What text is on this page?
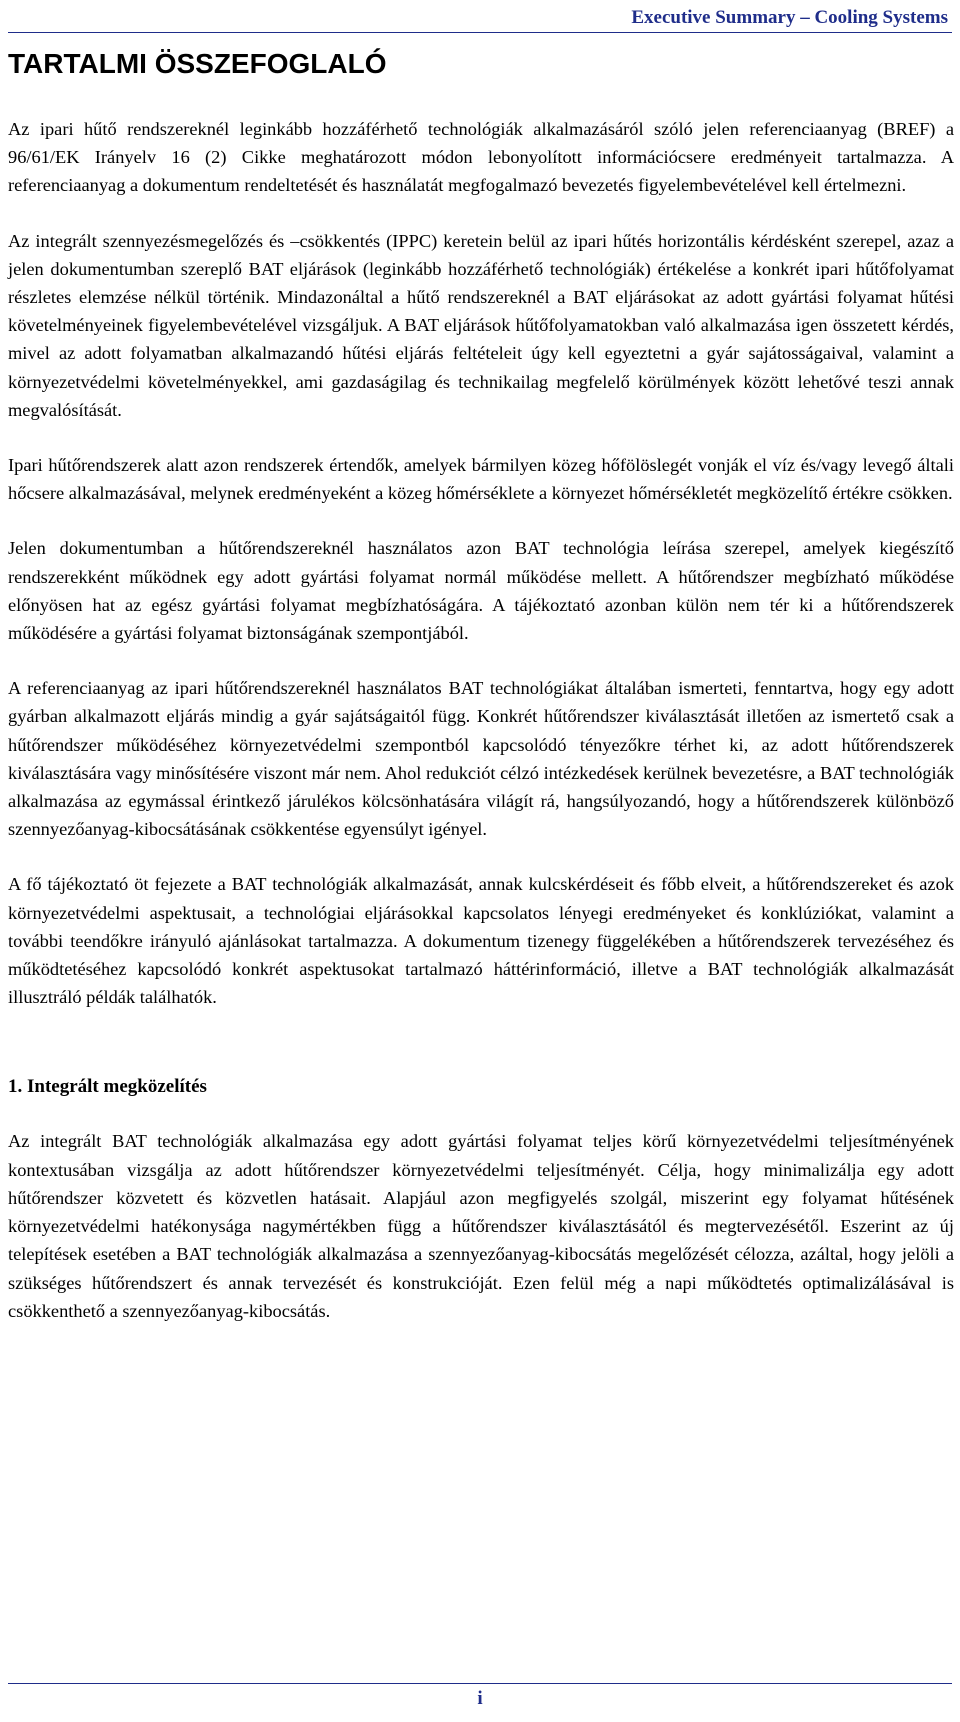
Executive Summary – Cooling Systems
TARTALMI ÖSSZEFOGLALÓ

Az ipari hűtő rendszereknél leginkább hozzáférhető technológiák alkalmazásáról szóló jelen referenciaanyag (BREF) a 96/61/EK Irányelv 16 (2) Cikke meghatározott módon lebonyolított információcsere eredményeit tartalmazza. A referenciaanyag a dokumentum rendeltetését és használatát megfogalmazó bevezetés figyelembevételével kell értelmezni.

Az integrált szennyezésmegelőzés és –csökkentés (IPPC) keretein belül az ipari hűtés horizontális kérdésként szerepel, azaz a jelen dokumentumban szereplő BAT eljárások (leginkább hozzáférhető technológiák) értékelése a konkrét ipari hűtőfolyamat részletes elemzése nélkül történik. Mindazonáltal a hűtő rendszereknél a BAT eljárásokat az adott gyártási folyamat hűtési követelményeinek figyelembevételével vizsgáljuk. A BAT eljárások hűtőfolyamatokban való alkalmazása igen összetett kérdés, mivel az adott folyamatban alkalmazandó hűtési eljárás feltételeit úgy kell egyeztetni a gyár sajátosságaival, valamint a környezetvédelmi követelményekkel, ami gazdaságilag és technikailag megfelelő körülmények között lehetővé teszi annak megvalósítását.

Ipari hűtőrendszerek alatt azon rendszerek értendők, amelyek bármilyen közeg hőfölöslegét vonják el víz és/vagy levegő általi hőcsere alkalmazásával, melynek eredményeként a közeg hőmérséklete a környezet hőmérsékletét megközelítő értékre csökken.

Jelen dokumentumban a hűtőrendszereknél használatos azon BAT technológia leírása szerepel, amelyek kiegészítő rendszerekként működnek egy adott gyártási folyamat normál működése mellett. A hűtőrendszer megbízható működése előnyösen hat az egész gyártási folyamat megbízhatóságára. A tájékoztató azonban külön nem tér ki a hűtőrendszerek működésére a gyártási folyamat biztonságának szempontjából.

A referenciaanyag az ipari hűtőrendszereknél használatos BAT technológiákat általában ismerteti, fenntartva, hogy egy adott gyárban alkalmazott eljárás mindig a gyár sajátságaitól függ. Konkrét hűtőrendszer kiválasztását illetően az ismertető csak a hűtőrendszer működéséhez környezetvédelmi szempontból kapcsolódó tényezőkre térhet ki, az adott hűtőrendszerek kiválasztására vagy minősítésére viszont már nem. Ahol redukciót célzó intézkedések kerülnek bevezetésre, a BAT technológiák alkalmazása az egymással érintkező járulékos kölcsönhatására világít rá, hangsúlyozandó, hogy a hűtőrendszerek különböző szennyezőanyag-kibocsátásának csökkentése egyensúlyt igényel.

A fő tájékoztató öt fejezete a BAT technológiák alkalmazását, annak kulcskérdéseit és főbb elveit, a hűtőrendszereket és azok környezetvédelmi aspektusait, a technológiai eljárásokkal kapcsolatos lényegi eredményeket és konklúziókat, valamint a további teendőkre irányuló ajánlásokat tartalmazza. A dokumentum tizenegy függelékében a hűtőrendszerek tervezéséhez és működtetéséhez kapcsolódó konkrét aspektusokat tartalmazó háttérinformáció, illetve a BAT technológiák alkalmazását illusztráló példák találhatók.

1. Integrált megközelítés

Az integrált BAT technológiák alkalmazása egy adott gyártási folyamat teljes körű környezetvédelmi teljesítményének kontextusában vizsgálja az adott hűtőrendszer környezetvédelmi teljesítményét. Célja, hogy minimalizálja egy adott hűtőrendszer közvetett és közvetlen hatásait. Alapjául azon megfigyelés szolgál, miszerint egy folyamat hűtésének környezetvédelmi hatékonysága nagymértékben függ a hűtőrendszer kiválasztásától és megtervezésétől. Eszerint az új telepítések esetében a BAT technológiák alkalmazása a szennyezőanyag-kibocsátás megelőzését célozza, azáltal, hogy jelöli a szükséges hűtőrendszert és annak tervezését és konstrukcióját. Ezen felül még a napi működtetés optimalizálásával is csökkenthető a szennyezőanyag-kibocsátás.

i
